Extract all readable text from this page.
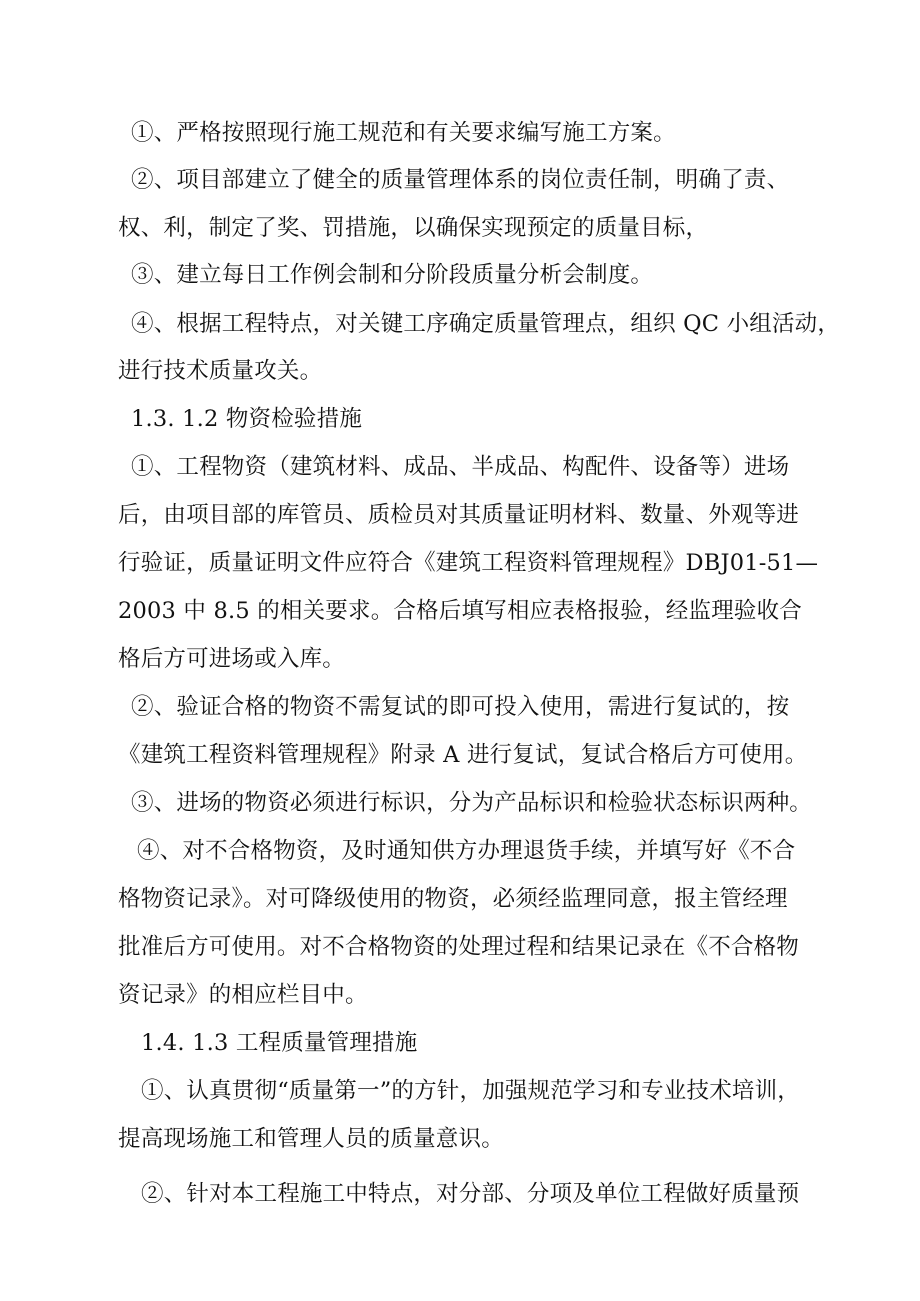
①、严格按照现行施工规范和有关要求编写施工方案。
②、项目部建立了健全的质量管理体系的岗位责任制，明确了责、
权、利，制定了奖、罚措施，以确保实现预定的质量目标，
③、建立每日工作例会制和分阶段质量分析会制度。
④、根据工程特点，对关键工序确定质量管理点，组织 QC 小组活动，
进行技术质量攻关。
1.3. 1.2 物资检验措施
①、工程物资（建筑材料、成品、半成品、构配件、设备等）进场
后，由项目部的库管员、质检员对其质量证明材料、数量、外观等进
行验证，质量证明文件应符合《建筑工程资料管理规程》DBJ01-51—
2003 中 8.5 的相关要求。合格后填写相应表格报验，经监理验收合
格后方可进场或入库。
②、验证合格的物资不需复试的即可投入使用，需进行复试的，按
《建筑工程资料管理规程》附录 A 进行复试，复试合格后方可使用。
③、进场的物资必须进行标识，分为产品标识和检验状态标识两种。
④、对不合格物资，及时通知供方办理退货手续，并填写好《不合
格物资记录》。对可降级使用的物资，必须经监理同意，报主管经理
批准后方可使用。对不合格物资的处理过程和结果记录在《不合格物
资记录》的相应栏目中。
1.4. 1.3 工程质量管理措施
①、认真贯彻“质量第一”的方针，加强规范学习和专业技术培训，
提高现场施工和管理人员的质量意识。
②、针对本工程施工中特点，对分部、分项及单位工程做好质量预
